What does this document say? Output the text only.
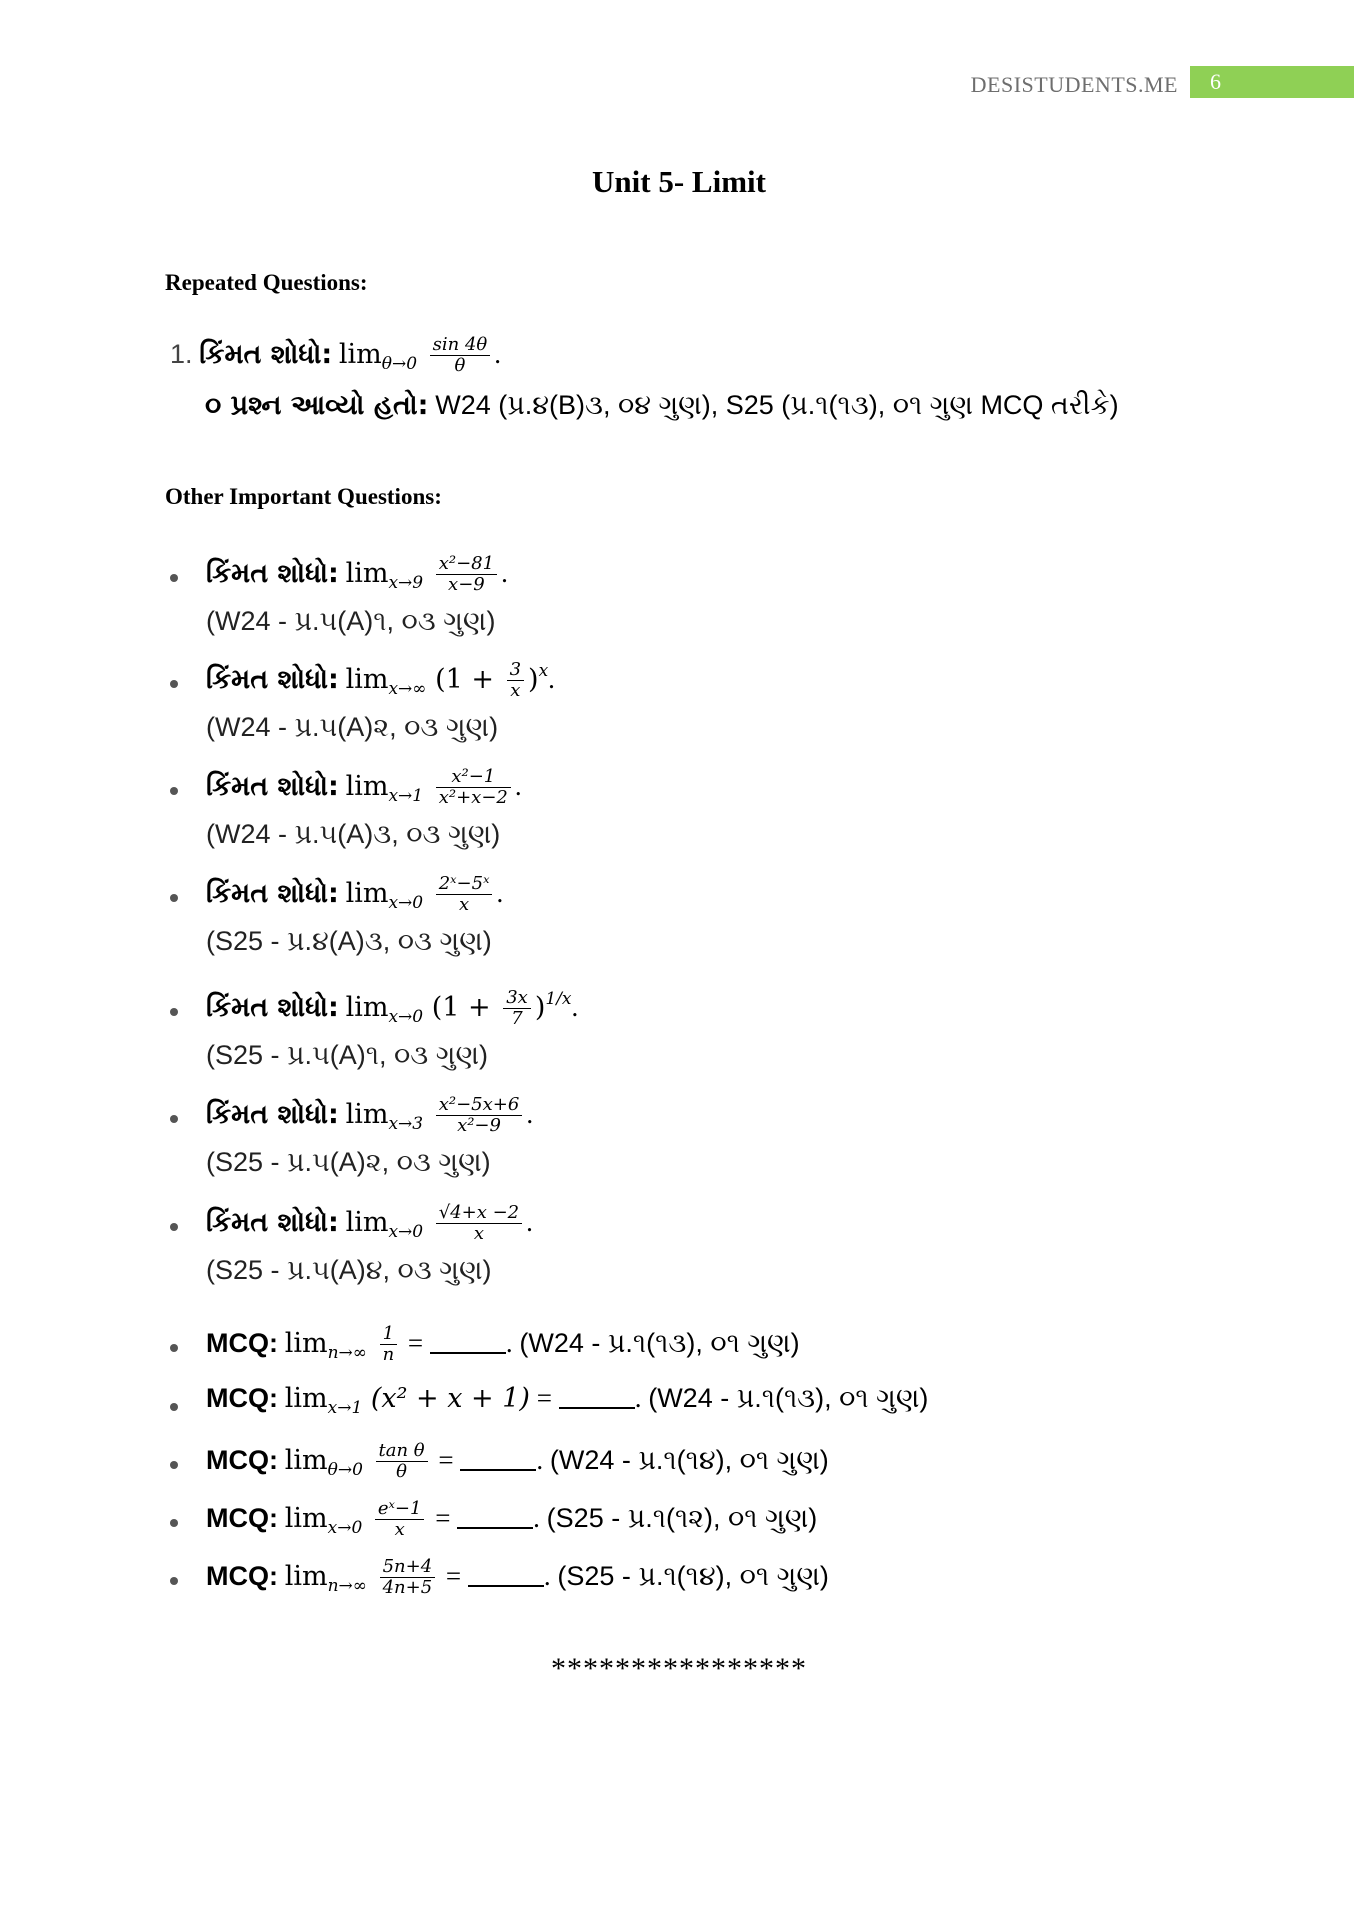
DESISTUDENTS.ME	6
Unit 5- Limit
Repeated Questions:
1. કિંમત શોધો: $\lim_{\theta\to 0} \frac{\sin 4\theta}{\theta}$ .
૦ પ્રશ્ન આવ્યો હતો: W24 (પ્ર.૪(B)૩, ૦૪ ગુણ), S25 (પ્ર.૧(૧૩), ૦૧ ગુણ MCQ તરીકે)
Other Important Questions:
કિંમત શોધો: $\lim_{x\to 9} \frac{\text{x²−81}}{x-9}$ .
(W24 - પ્ર.૫(A)૧, ૦૩ ગુણ)
કિંમત શોધો: $\lim_{x\to\infty} (1 + \frac{3}{x} )^x$.
(W24 - પ્ર.૫(A)૨, ૦૩ ગુણ)
કિંમત શોધો: $\lim_{x\to 1} \frac{\text{x²−1}}{\text{x²+x−2}}$ .
(W24 - પ્ર.૫(A)૩, ૦૩ ગુણ)
કિંમત શોધો: $\lim_{x\to 0} \frac{\text{2ˣ−5ˣ}}{x}$ .
(S25 - પ્ર.૪(A)૩, ૦૩ ગુણ)
કિંમત શોધો: $\lim_{x\to 0} (1 + \frac{3x}{7} )^{1/x}$.
(S25 - પ્ર.૫(A)૧, ૦૩ ગુણ)
કિંમત શોધો: $\lim_{x\to 3} \frac{\text{x²−5x+6}}{\text{x²−9}}$ .
(S25 - પ્ર.૫(A)૨, ૦૩ ગુણ)
કિંમત શોધો: $\lim_{x\to 0} \frac{√4+x -2}{x}$ .
(S25 - પ્ર.૫(A)૪, ૦૩ ગુણ)
MCQ: $\lim_{n\to\infty} \frac{1}{n}$ =	. (W24 - પ્ર.૧(૧૩), ૦૧ ગુણ)
MCQ: $\lim_{x\to 1} (x^2 + x + 1)$ =	. (W24 - પ્ર.૧(૧૩), ૦૧ ગુણ)
MCQ: $\lim_{\theta\to 0} \frac{\text{tan θ}}{\theta}$ =	. (W24 - પ્ર.૧(૧૪), ૦૧ ગુણ)
MCQ: $\lim_{x\to 0} \frac{\text{eˣ−1}}{x}$ =	. (S25 - પ્ર.૧(૧૨), ૦૧ ગુણ)
MCQ: $\lim_{n\to\infty} \frac{5n+4}{4n+5}$ =	. (S25 - પ્ર.૧(૧૪), ૦૧ ગુણ)
****************
